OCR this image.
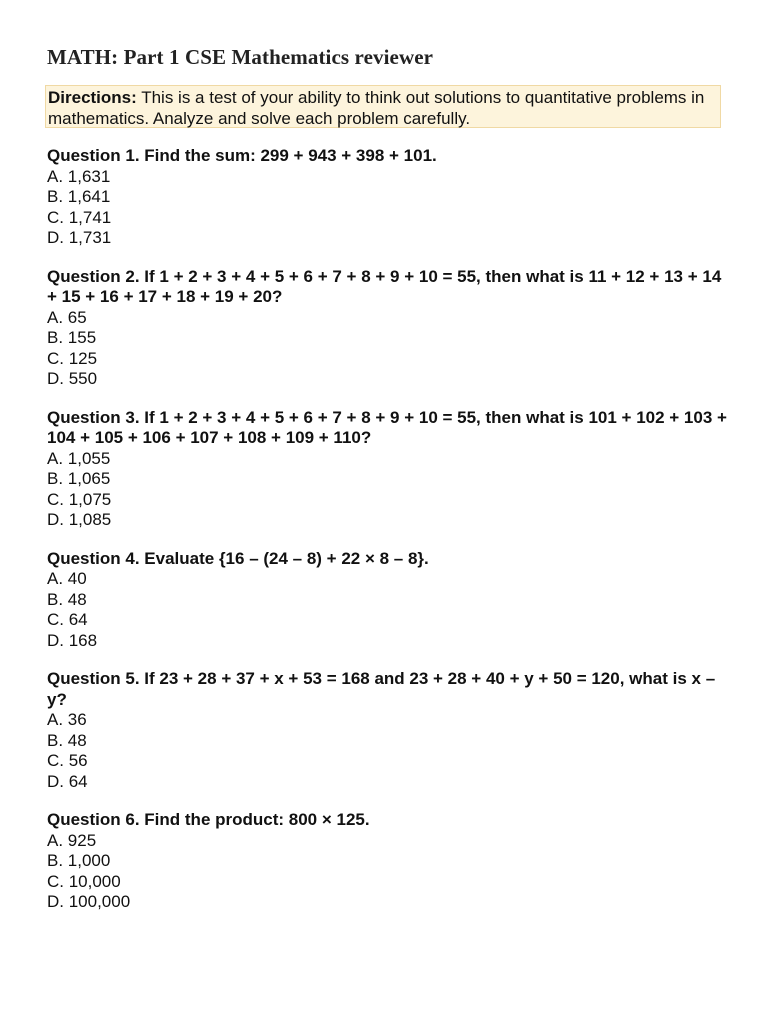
MATH: Part 1 CSE Mathematics reviewer
Directions: This is a test of your ability to think out solutions to quantitative problems in mathematics. Analyze and solve each problem carefully.
Question 1. Find the sum: 299 + 943 + 398 + 101.
A. 1,631
B. 1,641
C. 1,741
D. 1,731
Question 2. If 1 + 2 + 3 + 4 + 5 + 6 + 7 + 8 + 9 + 10 = 55, then what is 11 + 12 + 13 + 14 + 15 + 16 + 17 + 18 + 19 + 20?
A. 65
B. 155
C. 125
D. 550
Question 3. If 1 + 2 + 3 + 4 + 5 + 6 + 7 + 8 + 9 + 10 = 55, then what is 101 + 102 + 103 + 104 + 105 + 106 + 107 + 108 + 109 + 110?
A. 1,055
B. 1,065
C. 1,075
D. 1,085
Question 4. Evaluate {16 – (24 – 8) + 22 × 8 – 8}.
A. 40
B. 48
C. 64
D. 168
Question 5. If 23 + 28 + 37 + x + 53 = 168 and 23 + 28 + 40 + y + 50 = 120, what is x – y?
A. 36
B. 48
C. 56
D. 64
Question 6. Find the product: 800 × 125.
A. 925
B. 1,000
C. 10,000
D. 100,000
